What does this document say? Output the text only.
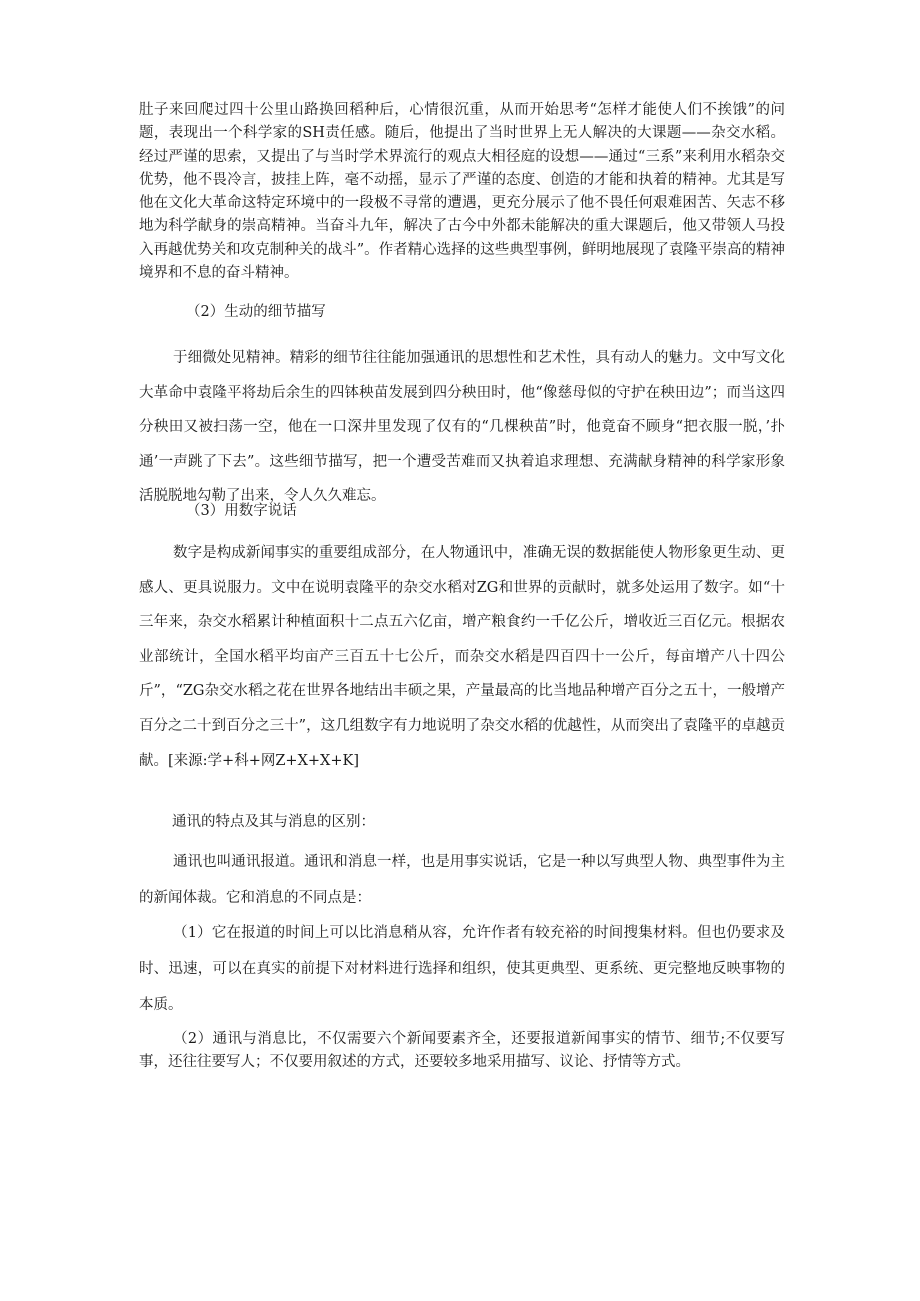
肚子来回爬过四十公里山路换回稻种后，心情很沉重，从而开始思考“怎样才能使人们不挨饿”的问题，表现出一个科学家的SH责任感。随后，他提出了当时世界上无人解决的大课题——杂交水稻。经过严谨的思索，又提出了与当时学术界流行的观点大相径庭的设想——通过“三系”来利用水稻杂交优势，他不畏冷言，披挂上阵，毫不动摇，显示了严谨的态度、创造的才能和执着的精神。尤其是写他在文化大革命这特定环境中的一段极不寻常的遭遇，更充分展示了他不畏任何艰难困苦、矢志不移地为科学献身的崇高精神。当奋斗九年，解决了古今中外都未能解决的重大课题后，他又带领人马投入再越优势关和攻克制种关的战斗”。作者精心选择的这些典型事例，鲜明地展现了袁隆平崇高的精神境界和不息的奋斗精神。

（2）生动的细节描写

于细微处见精神。精彩的细节往往能加强通讯的思想性和艺术性，具有动人的魅力。文中写文化大革命中袁隆平将劫后余生的四钵秧苗发展到四分秧田时，他“像慈母似的守护在秧田边”；而当这四分秧田又被扫荡一空，他在一口深井里发现了仅有的“几棵秧苗”时，他竟奋不顾身“把衣服一脱，’扑通’一声跳了下去”。这些细节描写，把一个遭受苦难而又执着追求理想、充满献身精神的科学家形象活脱脱地勾勒了出来，令人久久难忘。

（3）用数字说话

数字是构成新闻事实的重要组成部分，在人物通讯中，准确无误的数据能使人物形象更生动、更感人、更具说服力。文中在说明袁隆平的杂交水稻对ZG和世界的贡献时，就多处运用了数字。如“十三年来，杂交水稻累计种植面积十二点五六亿亩，增产粮食约一千亿公斤，增收近三百亿元。根据农业部统计，全国水稻平均亩产三百五十七公斤，而杂交水稻是四百四十一公斤，每亩增产八十四公斤”，“ZG杂交水稻之花在世界各地结出丰硕之果，产量最高的比当地品种增产百分之五十，一般增产百分之二十到百分之三十”，这几组数字有力地说明了杂交水稻的优越性，从而突出了袁隆平的卓越贡献。[来源:学+科+网Z+X+X+K]

通讯的特点及其与消息的区别：

通讯也叫通讯报道。通讯和消息一样，也是用事实说话，它是一种以写典型人物、典型事件为主的新闻体裁。它和消息的不同点是：

（1）它在报道的时间上可以比消息稍从容，允许作者有较充裕的时间搜集材料。但也仍要求及时、迅速，可以在真实的前提下对材料进行选择和组织，使其更典型、更系统、更完整地反映事物的本质。

（2）通讯与消息比，不仅需要六个新闻要素齐全，还要报道新闻事实的情节、细节;不仅要写事，还往往要写人；不仅要用叙述的方式，还要较多地采用描写、议论、抒情等方式。
